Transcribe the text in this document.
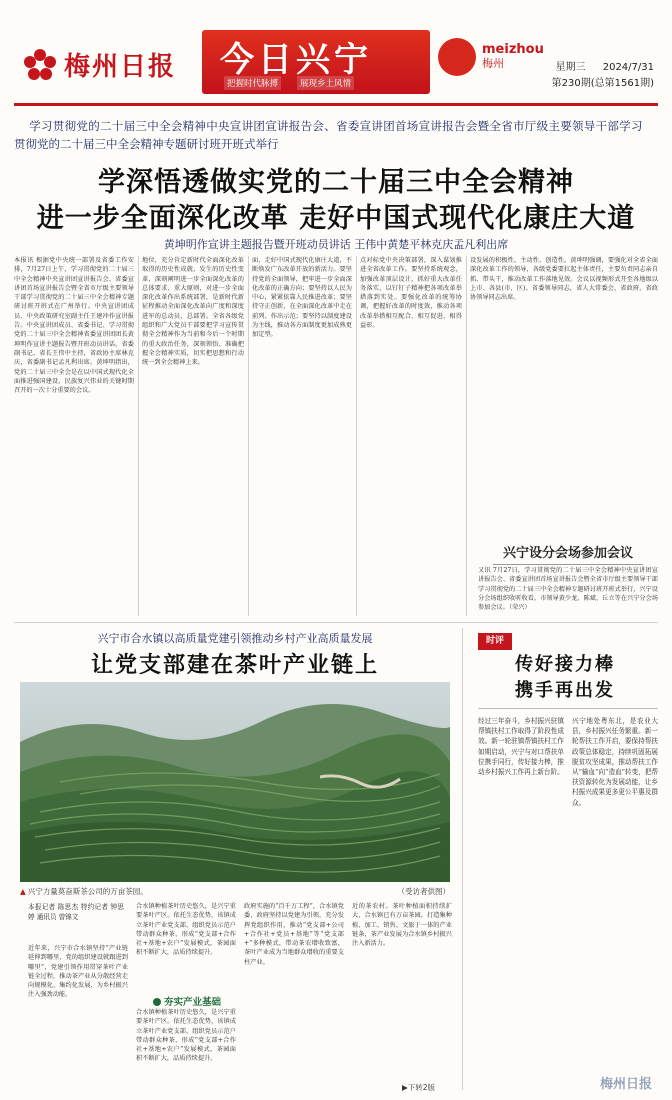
梅州日报 今日兴宁
把握时代脉搏	展现乡土风情
meizhou
梅州	星期三 2024/7/31
第230期(总第1561期)
学习贯彻党的二十届三中全会精神中央宣讲团宣讲报告会、省委宣讲团首场宣讲报告会暨全省市厅级主要领导干部学习
贯彻党的二十届三中全会精神专题研讨班开班式举行
学深悟透做实党的二十届三中全会精神
进一步全面深化改革 走好中国式现代化康庄大道
黄坤明作宣讲主题报告暨开班动员讲话 王伟中黄楚平林克庆孟凡利出席
本报讯 根据党中央统一部署及省委工作安排，7月27日上午，学习贯彻党的二十届三中全会精神中央宣讲团宣讲报告会、省委宣讲团首场宣讲报告会暨全省市厅级主要领导干部学习贯彻党的二十届三中全会精神专题研讨班开班式在广州举行。中央宣讲团成员、中央政策研究室副主任王建冲作宣讲报告。中央宣讲团成员、省委书记、学习贯彻党的二十届三中全会精神省委宣讲团团长黄坤明作宣讲主题报告暨开班动员讲话。省委副书记、省长王伟中主持，省政协主席林克庆，省委副书记孟凡利出席。黄坤明指出，党的二十届三中全会是在以中国式现代化全面推进强国建设、民族复兴伟业的关键时期召开的一次十分重要的会议。
地位，充分肯定新时代全面深化改革取得的历史性成就、发生的历史性变革，深刻阐明进一步全面深化改革的总体要求、重大原则，对进一步全面深化改革作出系统部署，是新时代新征程推动全面深化改革向广度和深度进军的总动员、总部署。全省各级党组织和广大党员干部要把学习宣传贯彻全会精神作为当前和今后一个时期的重大政治任务，深刻领悟、准确把握全会精神实质，切实把思想和行动统一到全会精神上来。
面，走好中国式现代化康庄大道，不断焕发广东改革开放的新活力。要坚持党的全面领导，把牢进一步全面深化改革的正确方向；要坚持以人民为中心，紧紧依靠人民推进改革；要坚持守正创新，在全面深化改革中走在前列、作出示范；要坚持以制度建设为主线，推动各方面制度更加成熟更加定型。
点对标党中央决策部署，深入谋划推进全省改革工作。要坚持系统观念，加强改革顶层设计，抓好重大改革任务落实，以钉钉子精神把各项改革举措落到实处。要强化改革的统筹协调，把握好改革的时度效，推动各项改革举措相互配合、相互促进、相得益彰。
设发展的积极性、主动性、创造性。黄坤明强调，要强化对全省全面深化改革工作的领导，各级党委要扛起主体责任，主要负责同志亲自抓、带头干，推动改革工作落地见效。会议以视频形式开至各地级以上市、各县(市、区)。省委领导同志，省人大常委会、省政府、省政协领导同志出席。
兴宁设分会场参加会议
又讯 7月27日，学习贯彻党的二十届三中全会精神中央宣讲团宣讲报告会、省委宣讲团首场宣讲报告会暨全省市厅级主要领导干部学习贯彻党的二十届三中全会精神专题研讨班开班式举行，兴宁设分会场组织收听收看。市领导黄少龙、陈斌、丘立等在兴宁分会场参加会议。（荣兴）
兴宁市合水镇以高质量党建引领推动乡村产业高质量发展
让党支部建在茶叶产业链上
▲ 兴宁力量莫奋斯茶公司的万亩茶园。	（受访者供图）
本报记者 陈思杰 特约记者 钟思婷 通讯员 曾锦文
近年来，兴宁市合水镇坚持“产业链延伸到哪里，党的组织建设就跟进到哪里”，党建引领作用贯穿茶叶产业链全过程，推动茶产业从分散经营走向规模化、集约化发展，为乡村振兴注入强劲动能。
合水镇种植茶叶历史悠久，是兴宁重要茶叶产区。依托生态优势，该镇成立茶叶产业党支部，组织党员示范户带动群众种茶，形成“党支部+合作社+基地+农户”发展模式，茶园面积不断扩大，品质持续提升。
夯实产业基础
合水镇种植茶叶历史悠久，是兴宁重要茶叶产区。依托生态优势，该镇成立茶叶产业党支部，组织党员示范户带动群众种茶，形成“党支部+合作社+基地+农户”发展模式，茶园面积不断扩大，品质持续提升。
政府实施的“百千万工程”，合水镇党委、政府坚持以党建为引领，充分发挥党组织作用，推动“党支部+公司+合作社+党员+基地”等“党支部+”多种模式，带动茶农增收致富，茶叶产业成为当地群众增收的重要支柱产业。
近的茶农村。茶叶种植面积持续扩大，合水镇已有万亩茶园，打造集种植、加工、销售、文旅于一体的产业链条，茶产业发展为合水镇乡村振兴注入新活力。
▶下转2版
时评
传好接力棒
携手再出发
经过三年奋斗，乡村振兴驻镇帮镇扶村工作取得了阶段性成效。新一轮驻镇帮镇扶村工作如期启动，兴宁与对口帮扶单位携手同行，传好接力棒，推动乡村振兴工作再上新台阶。
兴宁地处粤东北，是农业大县，乡村振兴任务繁重。新一轮帮扶工作开启，要保持帮扶政策总体稳定，持续巩固拓展脱贫攻坚成果，推动帮扶工作从“输血”向“造血”转变，把帮扶资源转化为发展动能，让乡村振兴成果更多更公平惠及群众。
梅州日报
